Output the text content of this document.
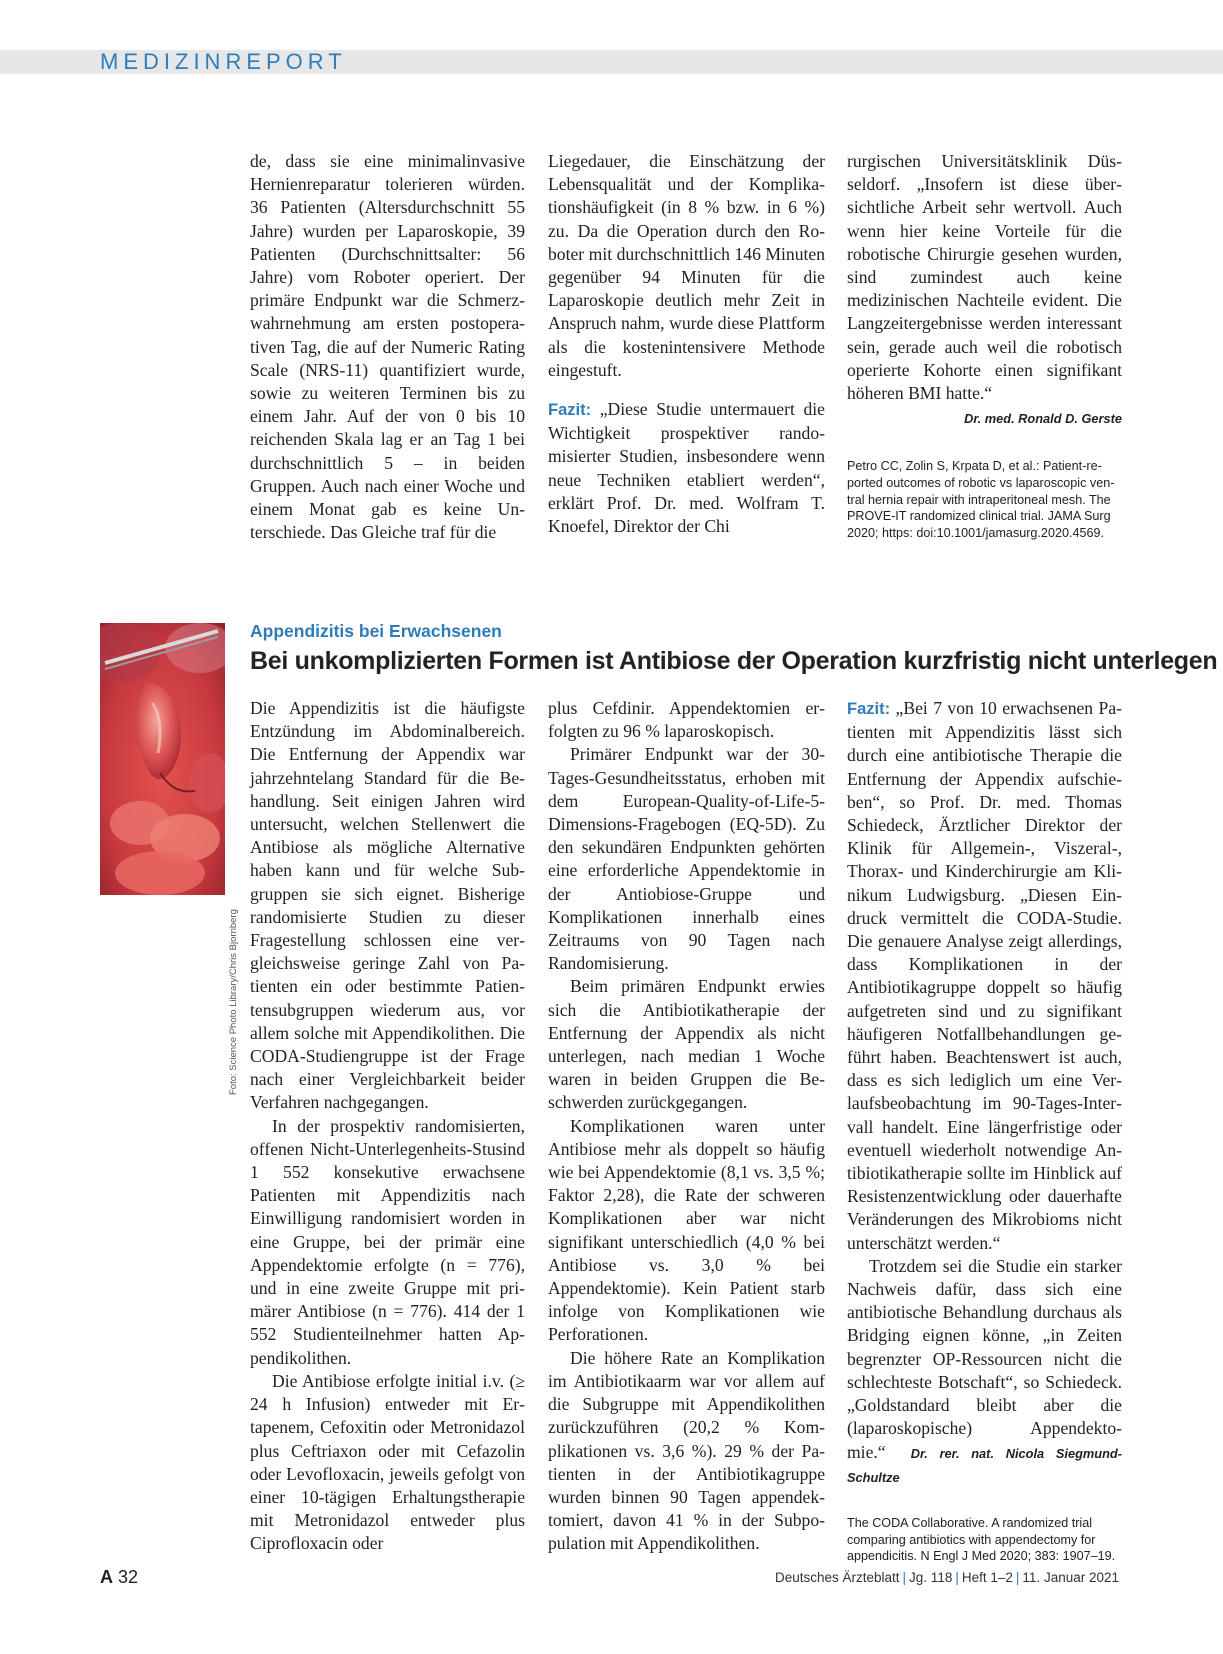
MEDIZINREPORT

de, dass sie eine minimalinvasive Hernienreparatur tolerieren würden. 36 Patienten (Altersdurchschnitt 55 Jahre) wurden per Laparoskopie, 39 Patienten (Durchschnittsalter: 56 Jahre) vom Roboter operiert. Der primäre Endpunkt war die Schmerzwahrnehmung am ersten postoperativen Tag, die auf der Numeric Rating Scale (NRS-11) quantifiziert wurde, sowie zu weiteren Terminen bis zu einem Jahr. Auf der von 0 bis 10 reichenden Skala lag er an Tag 1 bei durchschnittlich 5 – in beiden Gruppen. Auch nach einer Woche und einem Monat gab es keine Unterschiede. Das Gleiche traf für die

Liegedauer, die Einschätzung der Lebensqualität und der Komplikationshäufigkeit (in 8 % bzw. in 6 %) zu. Da die Operation durch den Roboter mit durchschnittlich 146 Minuten gegenüber 94 Minuten für die Laparoskopie deutlich mehr Zeit in Anspruch nahm, wurde diese Plattform als die kostenintensivere Methode eingestuft.

Fazit: „Diese Studie untermauert die Wichtigkeit prospektiver randomisierter Studien, insbesondere wenn neue Techniken etabliert werden“, erklärt Prof. Dr. med. Wolfram T. Knoefel, Direktor der Chi

rurgischen Universitätsklinik Düsseldorf. „Insofern ist diese übersichtliche Arbeit sehr wertvoll. Auch wenn hier keine Vorteile für die robotische Chirurgie gesehen wurden, sind zumindest auch keine medizinischen Nachteile evident. Die Langzeitergebnisse werden interessant sein, gerade auch weil die robotisch operierte Kohorte einen signifikant höheren BMI hatte.“

Dr. med. Ronald D. Gerste

Petro CC, Zolin S, Krpata D, et al.: Patient-reported outcomes of robotic vs laparoscopic ventral hernia repair with intraperitoneal mesh. The PROVE-IT randomized clinical trial. JAMA Surg 2020; https: doi:10.1001/jamasurg.2020.4569.

Foto: Science Photo Library/Chris Bjornberg
Appendizitis bei Erwachsenen
Bei unkomplizierten Formen ist Antibiose der Operation kurzfristig nicht unterlegen

Die Appendizitis ist die häufigste Entzündung im Abdominalbereich. Die Entfernung der Appendix war jahrzehntelang Standard für die Behandlung. Seit einigen Jahren wird untersucht, welchen Stellenwert die Antibiose als mögliche Alternative haben kann und für welche Subgruppen sie sich eignet. Bisherige randomisierte Studien zu dieser Fragestellung schlossen eine vergleichsweise geringe Zahl von Patienten ein oder bestimmte Patientensubgruppen wiederum aus, vor allem solche mit Appendikolithen. Die CODA-Studiengruppe ist der Frage nach einer Vergleichbarkeit beider Verfahren nachgegangen.

In der prospektiv randomisierten, offenen Nicht-Unterlegenheits-Stusind 1 552 konsekutive erwachsene Patienten mit Appendizitis nach Einwilligung randomisiert worden in eine Gruppe, bei der primär eine Appendektomie erfolgte (n = 776), und in eine zweite Gruppe mit primärer Antibiose (n = 776). 414 der 1 552 Studienteilnehmer hatten Appendikolithen.

Die Antibiose erfolgte initial i.v. (≥ 24 h Infusion) entweder mit Ertapenem, Cefoxitin oder Metronidazol plus Ceftriaxon oder mit Cefazolin oder Levofloxacin, jeweils gefolgt von einer 10-tägigen Erhaltungstherapie mit Metronidazol entweder plus Ciprofloxacin oder

plus Cefdinir. Appendektomien erfolgten zu 96 % laparoskopisch.

Primärer Endpunkt war der 30-Tages-Gesundheitsstatus, erhoben mit dem European-Quality-of-Life-5-Dimensions-Fragebogen (EQ-5D). Zu den sekundären Endpunkten gehörten eine erforderliche Appendektomie in der Antiobiose-Gruppe und Komplikationen innerhalb eines Zeitraums von 90 Tagen nach Randomisierung.

Beim primären Endpunkt erwies sich die Antibiotikatherapie der Entfernung der Appendix als nicht unterlegen, nach median 1 Woche waren in beiden Gruppen die Beschwerden zurückgegangen.

Komplikationen waren unter Antibiose mehr als doppelt so häufig wie bei Appendektomie (8,1 vs. 3,5 %; Faktor 2,28), die Rate der schweren Komplikationen aber war nicht signifikant unterschiedlich (4,0 % bei Antibiose vs. 3,0 % bei Appendektomie). Kein Patient starb infolge von Komplikationen wie Perforationen.

Die höhere Rate an Komplikation im Antibiotikaarm war vor allem auf die Subgruppe mit Appendikolithen zurückzuführen (20,2 % Komplikationen vs. 3,6 %). 29 % der Patienten in der Antibiotikagruppe wurden binnen 90 Tagen appendektomiert, davon 41 % in der Subpopulation mit Appendikolithen.

Fazit: „Bei 7 von 10 erwachsenen Patienten mit Appendizitis lässt sich durch eine antibiotische Therapie die Entfernung der Appendix aufschieben“, so Prof. Dr. med. Thomas Schiedeck, Ärztlicher Direktor der Klinik für Allgemein-, Viszeral-, Thorax- und Kinderchirurgie am Klinikum Ludwigsburg. „Diesen Eindruck vermittelt die CODA-Studie. Die genauere Analyse zeigt allerdings, dass Komplikationen in der Antibiotikagruppe doppelt so häufig aufgetreten sind und zu signifikant häufigeren Notfallbehandlungen geführt haben. Beachtenswert ist auch, dass es sich lediglich um eine Verlaufsbeobachtung im 90-Tages-Intervall handelt. Eine längerfristige oder eventuell wiederholt notwendige Antibiotikatherapie sollte im Hinblick auf Resistenzentwicklung oder dauerhafte Veränderungen des Mikrobioms nicht unterschätzt werden.“

Trotzdem sei die Studie ein starker Nachweis dafür, dass sich eine antibiotische Behandlung durchaus als Bridging eignen könne, „in Zeiten begrenzter OP-Ressourcen nicht die schlechteste Botschaft“, so Schiedeck. „Goldstandard bleibt aber die (laparoskopische) Appendektomie.“ Dr. rer. nat. Nicola Siegmund-Schultze

The CODA Collaborative. A randomized trial comparing antibiotics with appendectomy for appendicitis. N Engl J Med 2020; 383: 1907–19.

A 32	Deutsches Ärzteblatt | Jg. 118 | Heft 1–2 | 11. Januar 2021
